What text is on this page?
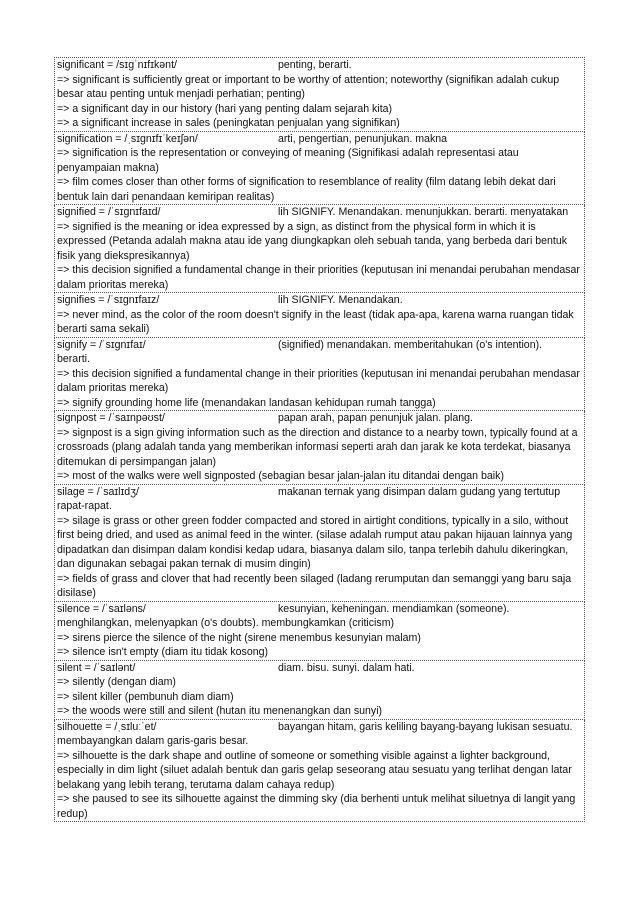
significant = /sɪɡˈnɪfɪkənt/	penting, berarti.
=> significant is sufficiently great or important to be worthy of attention; noteworthy (signifikan adalah cukup besar atau penting untuk menjadi perhatian; penting)
=> a significant day in our history (hari yang penting dalam sejarah kita)
=> a significant increase in sales (peningkatan penjualan yang signifikan)
signification = /ˌsɪɡnɪfɪˈkeɪʃən/	arti, pengertian, penunjukan. makna
=> signification is the representation or conveying of meaning (Signifikasi adalah representasi atau penyampaian makna)
=> film comes closer than other forms of signification to resemblance of reality (film datang lebih dekat dari bentuk lain dari penandaan kemiripan realitas)
signified = /ˈsɪɡnɪfaɪd/	lih SIGNIFY. Menandakan. menunjukkan. berarti. menyatakan
=> signified is the meaning or idea expressed by a sign, as distinct from the physical form in which it is expressed (Petanda adalah makna atau ide yang diungkapkan oleh sebuah tanda, yang berbeda dari bentuk fisik yang diekspresikannya)
=> this decision signified a fundamental change in their priorities (keputusan ini menandai perubahan mendasar dalam prioritas mereka)
signifies = /ˈsɪɡnɪfaɪz/	lih SIGNIFY. Menandakan.
=> never mind, as the color of the room doesn't signify in the least (tidak apa-apa, karena warna ruangan tidak berarti sama sekali)
signify = /ˈsɪɡnɪfaɪ/	(signified) menandakan. memberitahukan (o's intention).
berarti.
=> this decision signified a fundamental change in their priorities (keputusan ini menandai perubahan mendasar dalam prioritas mereka)
=> signify grounding home life (menandakan landasan kehidupan rumah tangga)
signpost = /ˈsaɪnpəʊst/	papan arah, papan penunjuk jalan. plang.
=> signpost is a sign giving information such as the direction and distance to a nearby town, typically found at a crossroads (plang adalah tanda yang memberikan informasi seperti arah dan jarak ke kota terdekat, biasanya ditemukan di persimpangan jalan)
=> most of the walks were well signposted (sebagian besar jalan-jalan itu ditandai dengan baik)
silage = /ˈsaɪlɪdʒ/	makanan ternak yang disimpan dalam gudang yang tertutup
rapat-rapat.
=> silage is grass or other green fodder compacted and stored in airtight conditions, typically in a silo, without first being dried, and used as animal feed in the winter. (silase adalah rumput atau pakan hijauan lainnya yang dipadatkan dan disimpan dalam kondisi kedap udara, biasanya dalam silo, tanpa terlebih dahulu dikeringkan, dan digunakan sebagai pakan ternak di musim dingin)
=> fields of grass and clover that had recently been silaged (ladang rerumputan dan semanggi yang baru saja disilase)
silence = /ˈsaɪləns/	kesunyian, keheningan. mendiamkan (someone).
menghilangkan, melenyapkan (o's doubts). membungkamkan (criticism)
=> sirens pierce the silence of the night (sirene menembus kesunyian malam)
=> silence isn't empty (diam itu tidak kosong)
silent = /ˈsaɪlənt/	diam. bisu. sunyi. dalam hati.
=> silently (dengan diam)
=> silent killer (pembunuh diam diam)
=> the woods were still and silent (hutan itu menenangkan dan sunyi)
silhouette = /ˌsɪluːˈet/	bayangan hitam, garis keliling bayang-bayang lukisan sesuatu.
membayangkan dalam garis-garis besar.
=> silhouette is the dark shape and outline of someone or something visible against a lighter background, especially in dim light (siluet adalah bentuk dan garis gelap seseorang atau sesuatu yang terlihat dengan latar belakang yang lebih terang, terutama dalam cahaya redup)
=> she paused to see its silhouette against the dimming sky (dia berhenti untuk melihat siluetnya di langit yang redup)
